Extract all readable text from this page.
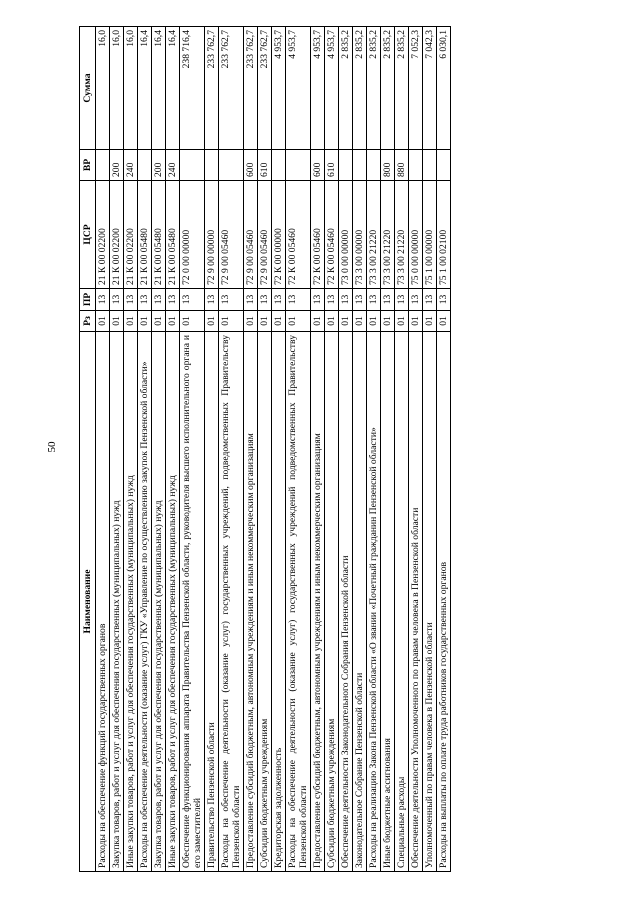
50
Наименование	Рз	ПР	ЦСР	ВР	Сумма
Расходы на обеспечение функций государственных органов	01	13	21 К 00 02200		16,0
Закупка товаров, работ и услуг для обеспечения государственных (муниципальных) нужд	01	13	21 К 00 02200	200	16,0
Иные закупки товаров, работ и услуг для обеспечения государственных (муниципальных) нужд	01	13	21 К 00 02200	240	16,0
Расходы на обеспечение деятельности (оказание услуг) ГКУ «Управление по осуществлению закупок Пензенской области»	01	13	21 К 00 05480		16,4
Закупка товаров, работ и услуг для обеспечения государственных (муниципальных) нужд	01	13	21 К 00 05480	200	16,4
Иные закупки товаров, работ и услуг для обеспечения государственных (муниципальных) нужд	01	13	21 К 00 05480	240	16,4
Обеспечение функционирования аппарата Правительства Пензенской области, руководителя высшего исполнительного органа и его заместителей	01	13	72 0 00 00000		238 716,4
Правительство Пензенской области	01	13	72 9 00 00000		233 762,7
Расходы на обеспечение деятельности (оказание услуг) государственных учреждений, подведомственных Правительству Пензенской области	01	13	72 9 00 05460		233 762,7
Предоставление субсидий бюджетным, автономным учреждениям и иным некоммерческим организациям	01	13	72 9 00 05460	600	233 762,7
Субсидии бюджетным учреждениям	01	13	72 9 00 05460	610	233 762,7
Кредиторская задолженность	01	13	72 К 00 00000		4 953,7
Расходы на обеспечение деятельности (оказание услуг) государственных учреждений подведомственных Правительству Пензенской области	01	13	72 К 00 05460		4 953,7
Предоставление субсидий бюджетным, автономным учреждениям и иным некоммерческим организациям	01	13	72 К 00 05460	600	4 953,7
Субсидии бюджетным учреждениям	01	13	72 К 00 05460	610	4 953,7
Обеспечение деятельности Законодательного Собрания Пензенской области	01	13	73 0 00 00000		2 835,2
Законодательное Собрание Пензенской области	01	13	73 3 00 00000		2 835,2
Расходы на реализацию Закона Пензенской области «О звании «Почетный гражданин Пензенской области»	01	13	73 3 00 21220		2 835,2
Иные бюджетные ассигнования	01	13	73 3 00 21220	800	2 835,2
Специальные расходы	01	13	73 3 00 21220	880	2 835,2
Обеспечение деятельности Уполномоченного по правам человека в Пензенской области	01	13	75 0 00 00000		7 052,3
Уполномоченный по правам человека в Пензенской области	01	13	75 1 00 00000		7 042,3
Расходы на выплаты по оплате труда работников государственных органов	01	13	75 1 00 02100		6 030,1
